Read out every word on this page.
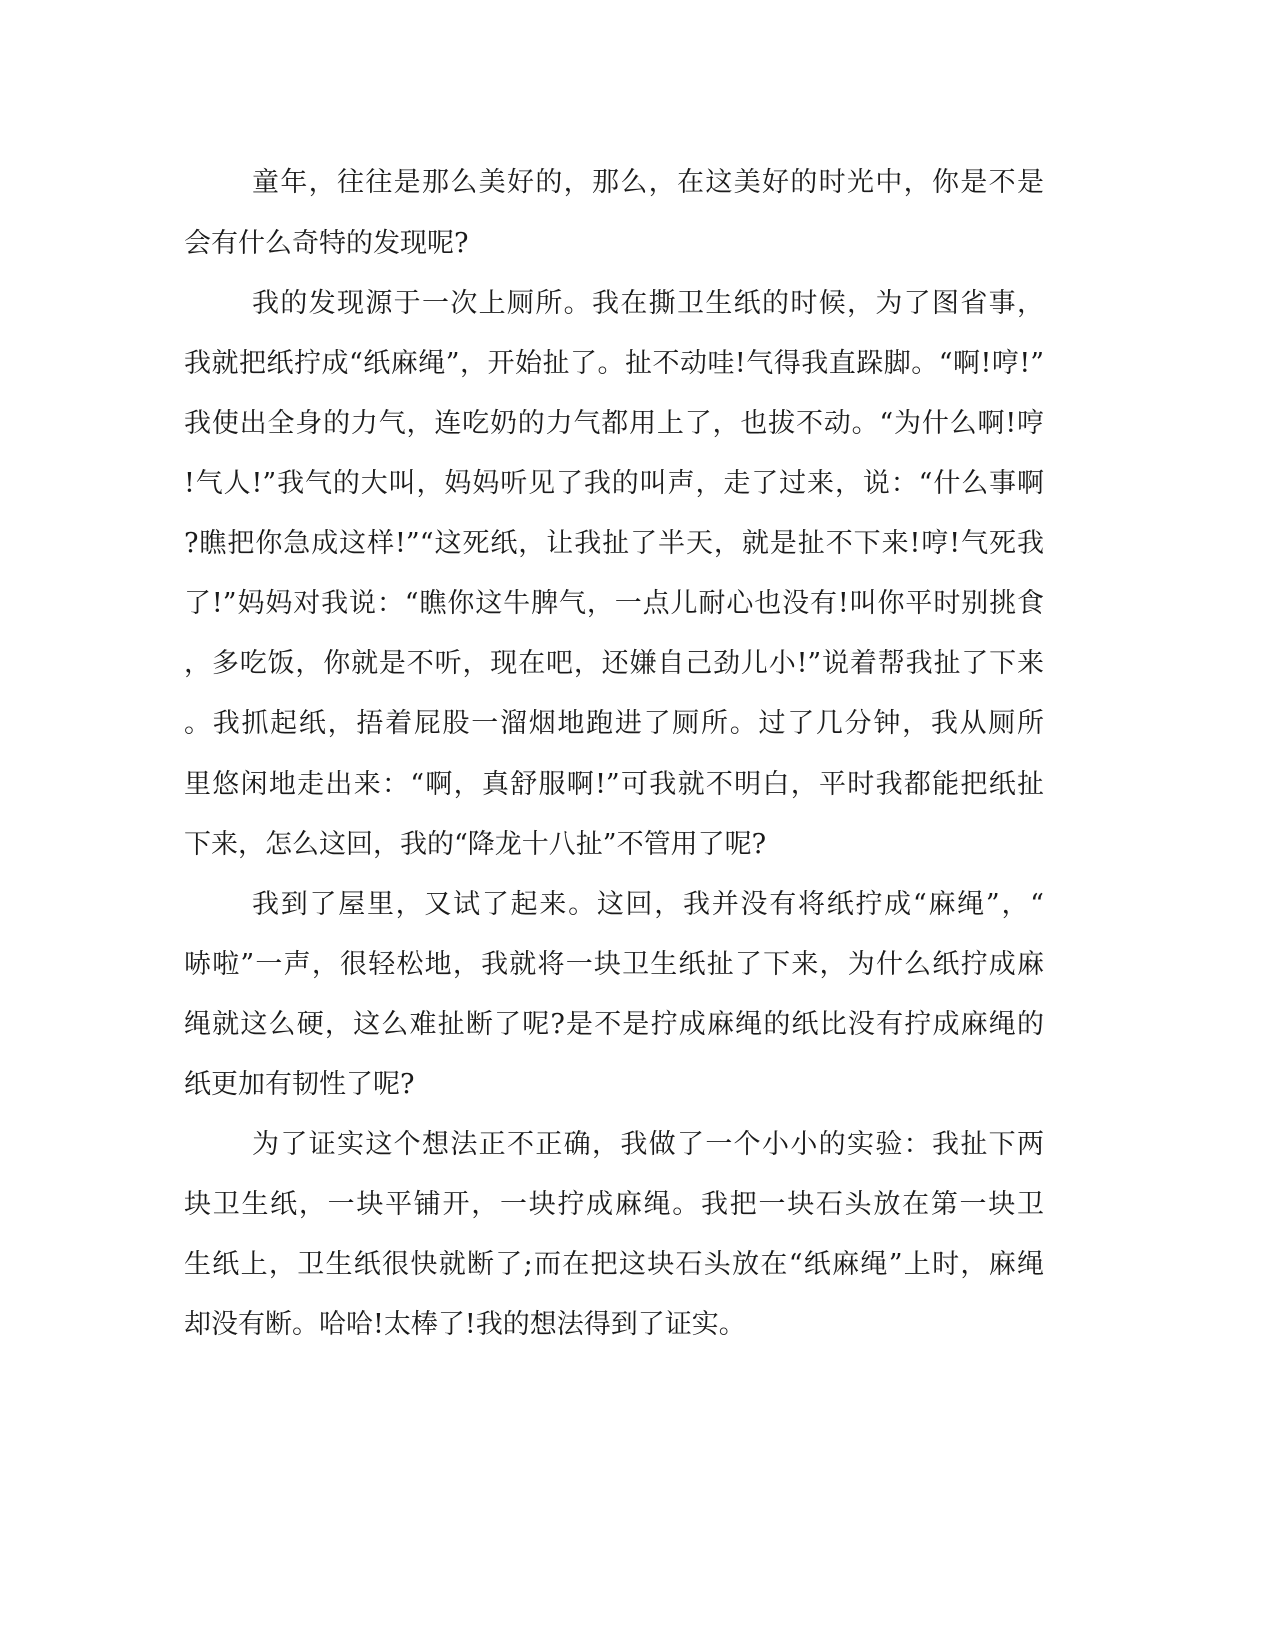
童年，往往是那么美好的，那么，在这美好的时光中，你是不是

会有什么奇特的发现呢?

我的发现源于一次上厕所。我在撕卫生纸的时候，为了图省事，

我就把纸拧成“纸麻绳”，开始扯了。扯不动哇!气得我直跺脚。“啊!哼!”

我使出全身的力气，连吃奶的力气都用上了，也拔不动。“为什么啊!哼

!气人!”我气的大叫，妈妈听见了我的叫声，走了过来，说：“什么事啊

?瞧把你急成这样!”“这死纸，让我扯了半天，就是扯不下来!哼!气死我

了!”妈妈对我说：“瞧你这牛脾气，一点儿耐心也没有!叫你平时别挑食

，多吃饭，你就是不听，现在吧，还嫌自己劲儿小!”说着帮我扯了下来

。我抓起纸，捂着屁股一溜烟地跑进了厕所。过了几分钟，我从厕所

里悠闲地走出来：“啊，真舒服啊!”可我就不明白，平时我都能把纸扯

下来，怎么这回，我的“降龙十八扯”不管用了呢?

我到了屋里，又试了起来。这回，我并没有将纸拧成“麻绳”，“

哧啦”一声，很轻松地，我就将一块卫生纸扯了下来，为什么纸拧成麻

绳就这么硬，这么难扯断了呢?是不是拧成麻绳的纸比没有拧成麻绳的

纸更加有韧性了呢?

为了证实这个想法正不正确，我做了一个小小的实验：我扯下两

块卫生纸，一块平铺开，一块拧成麻绳。我把一块石头放在第一块卫

生纸上，卫生纸很快就断了;而在把这块石头放在“纸麻绳”上时，麻绳

却没有断。哈哈!太棒了!我的想法得到了证实。
